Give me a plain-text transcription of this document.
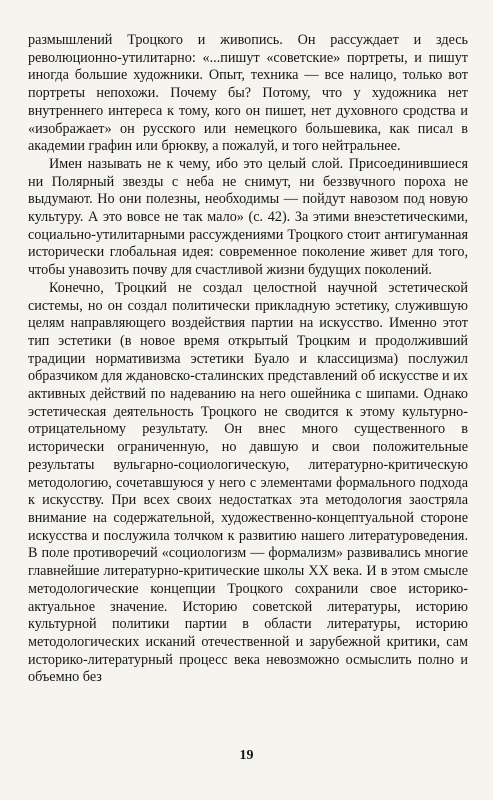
размышлений Троцкого и живопись. Он рассуждает и здесь революционно-утилитарно: «...пишут «советские» портреты, и пишут иногда большие художники. Опыт, техника — все налицо, только вот портреты непохожи. Почему бы? Потому, что у художника нет внутреннего интереса к тому, кого он пишет, нет духовного сродства и «изображает» он русского или немецкого большевика, как писал в академии графин или брюкву, а пожалуй, и того нейтральнее.

Имен называть не к чему, ибо это целый слой. Присоединившиеся ни Полярный звезды с неба не снимут, ни беззвучного пороха не выдумают. Но они полезны, необходимы — пойдут навозом под новую культуру. А это вовсе не так мало» (с. 42). За этими внеэстетическими, социально-утилитарными рассуждениями Троцкого стоит антигуманная исторически глобальная идея: современное поколение живет для того, чтобы унавозить почву для счастливой жизни будущих поколений.

Конечно, Троцкий не создал целостной научной эстетической системы, но он создал политически прикладную эстетику, служившую целям направляющего воздействия партии на искусство. Именно этот тип эстетики (в новое время открытый Троцким и продолживший традиции нормативизма эстетики Буало и классицизма) послужил образчиком для ждановско-сталинских представлений об искусстве и их активных действий по надеванию на него ошейника с шипами. Однако эстетическая деятельность Троцкого не сводится к этому культурно-отрицательному результату. Он внес много существенного в исторически ограниченную, но давшую и свои положительные результаты вульгарно-социологическую, литературно-критическую методологию, сочетавшуюся у него с элементами формального подхода к искусству. При всех своих недостатках эта методология заостряла внимание на содержательной, художественно-концептуальной стороне искусства и послужила толчком к развитию нашего литературоведения. В поле противоречий «социологизм — формализм» развивались многие главнейшие литературно-критические школы XX века. И в этом смысле методологические концепции Троцкого сохранили свое историко-актуальное значение. Историю советской литературы, историю культурной политики партии в области литературы, историю методологических исканий отечественной и зарубежной критики, сам историко-литературный процесс века невозможно осмыслить полно и объемно без

19
